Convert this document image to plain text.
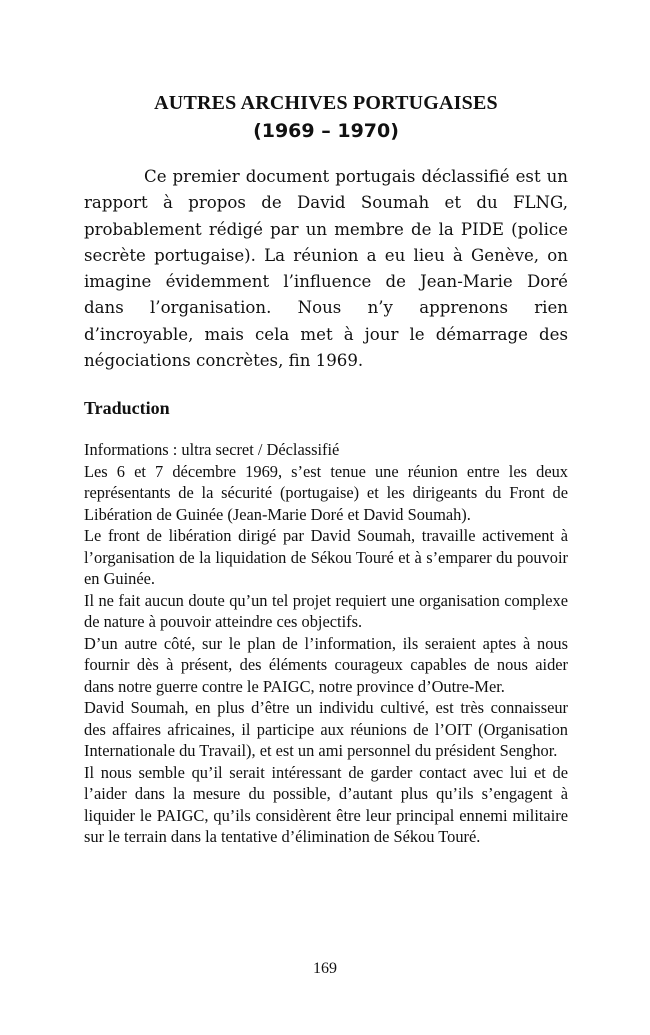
AUTRES ARCHIVES PORTUGAISES
(1969 – 1970)

Ce premier document portugais déclassifié est un rapport à propos de David Soumah et du FLNG, probablement rédigé par un membre de la PIDE (police secrète portugaise). La réunion a eu lieu à Genève, on imagine évidemment l’influence de Jean-Marie Doré dans l’organisation. Nous n’y apprenons rien d’incroyable, mais cela met à jour le démarrage des négociations concrètes, fin 1969.

Traduction

Informations : ultra secret / Déclassifié

Les 6 et 7 décembre 1969, s’est tenue une réunion entre les deux représentants de la sécurité (portugaise) et les dirigeants du Front de Libération de Guinée (Jean-Marie Doré et David Soumah).

Le front de libération dirigé par David Soumah, travaille activement à l’organisation de la liquidation de Sékou Touré et à s’emparer du pouvoir en Guinée.

Il ne fait aucun doute qu’un tel projet requiert une organisation complexe de nature à pouvoir atteindre ces objectifs.

D’un autre côté, sur le plan de l’information, ils seraient aptes à nous fournir dès à présent, des éléments courageux capables de nous aider dans notre guerre contre le PAIGC, notre province d’Outre-Mer.

David Soumah, en plus d’être un individu cultivé, est très connaisseur des affaires africaines, il participe aux réunions de l’OIT (Organisation Internationale du Travail), et est un ami personnel du président Senghor.

Il nous semble qu’il serait intéressant de garder contact avec lui et de l’aider dans la mesure du possible, d’autant plus qu’ils s’engagent à liquider le PAIGC, qu’ils considèrent être leur principal ennemi militaire sur le terrain dans la tentative d’élimination de Sékou Touré.

169
